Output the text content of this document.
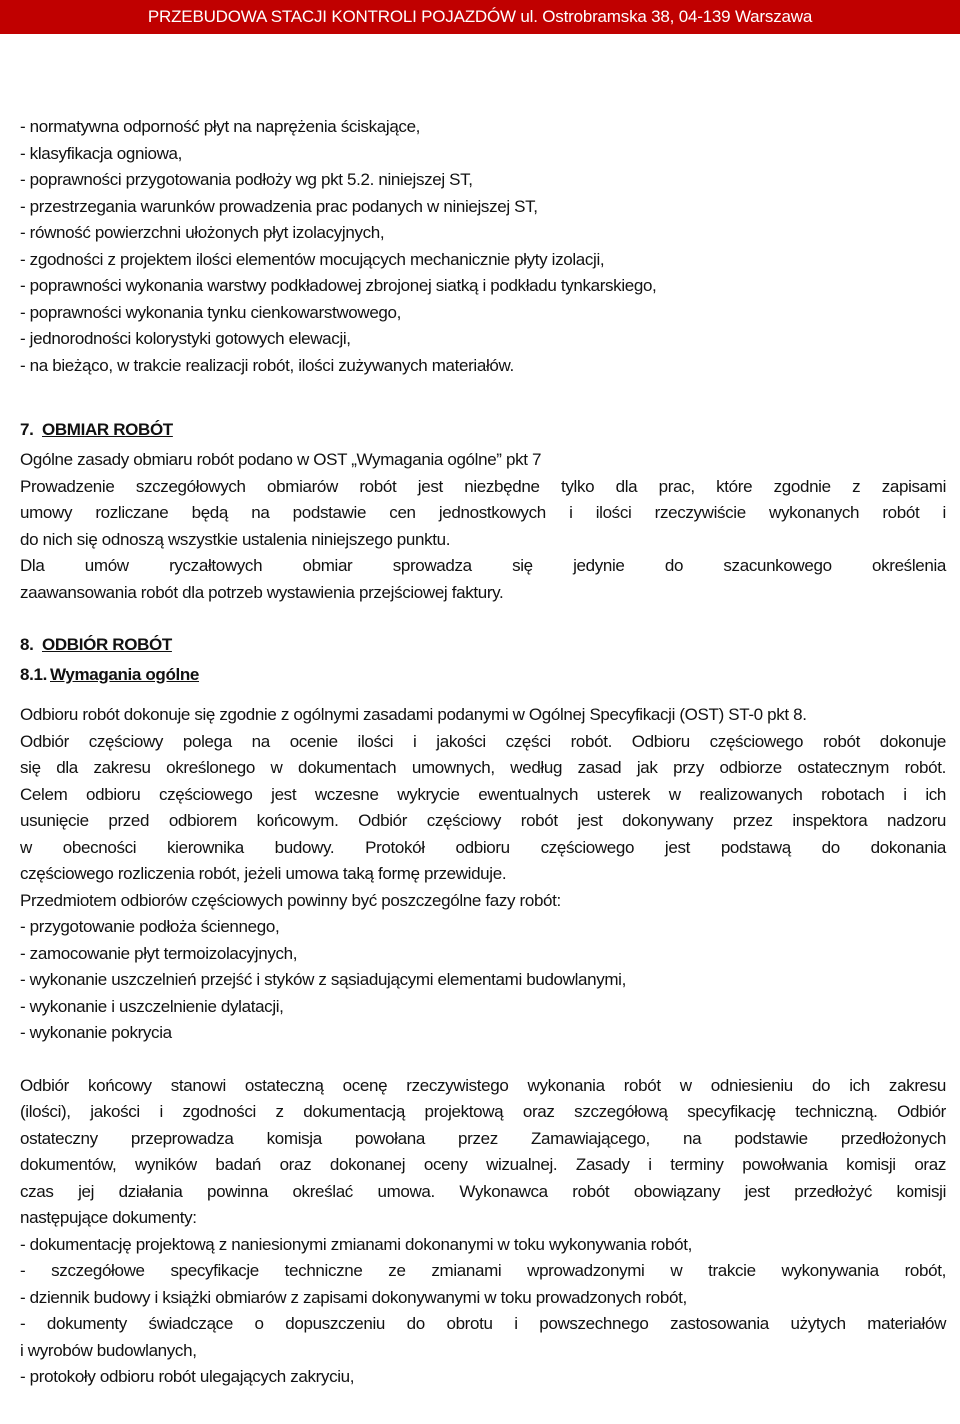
PRZEBUDOWA STACJI KONTROLI POJAZDÓW ul. Ostrobramska 38, 04-139 Warszawa
- normatywna odporność płyt na naprężenia ściskające,
- klasyfikacja ogniowa,
- poprawności przygotowania podłoży wg pkt 5.2. niniejszej ST,
- przestrzegania warunków prowadzenia prac podanych w niniejszej ST,
- równość powierzchni ułożonych płyt izolacyjnych,
- zgodności z projektem ilości elementów mocujących mechanicznie płyty izolacji,
- poprawności wykonania warstwy podkładowej zbrojonej siatką i podkładu tynkarskiego,
- poprawności wykonania tynku cienkowarstwowego,
- jednorodności kolorystyki gotowych elewacji,
- na bieżąco, w trakcie realizacji robót, ilości zużywanych materiałów.
7. OBMIAR ROBÓT
Ogólne zasady obmiaru robót podano w OST „Wymagania ogólne” pkt 7
Prowadzenie szczegółowych obmiarów robót jest niezbędne tylko dla prac, które zgodnie z zapisami
umowy rozliczane będą na podstawie cen jednostkowych i ilości rzeczywiście wykonanych robót i
do nich się odnoszą wszystkie ustalenia niniejszego punktu.
Dla umów ryczałtowych obmiar sprowadza się jedynie do szacunkowego określenia
zaawansowania robót dla potrzeb wystawienia przejściowej faktury.
8. ODBIÓR ROBÓT
8.1. Wymagania ogólne
Odbioru robót dokonuje się zgodnie z ogólnymi zasadami podanymi w Ogólnej Specyfikacji (OST) ST-0 pkt 8.
Odbiór częściowy polega na ocenie ilości i jakości części robót. Odbioru częściowego robót dokonuje
się dla zakresu określonego w dokumentach umownych, według zasad jak przy odbiorze ostatecznym robót.
Celem odbioru częściowego jest wczesne wykrycie ewentualnych usterek w realizowanych robotach i ich
usunięcie przed odbiorem końcowym. Odbiór częściowy robót jest dokonywany przez inspektora nadzoru
w obecności kierownika budowy. Protokół odbioru częściowego jest podstawą do dokonania
częściowego rozliczenia robót, jeżeli umowa taką formę przewiduje.
Przedmiotem odbiorów częściowych powinny być poszczególne fazy robót:
- przygotowanie podłoża ściennego,
- zamocowanie płyt termoizolacyjnych,
- wykonanie uszczelnień przejść i styków z sąsiadującymi elementami budowlanymi,
- wykonanie i uszczelnienie dylatacji,
- wykonanie pokrycia
Odbiór końcowy stanowi ostateczną ocenę rzeczywistego wykonania robót w odniesieniu do ich zakresu
(ilości), jakości i zgodności z dokumentacją projektową oraz szczegółową specyfikację techniczną. Odbiór
ostateczny przeprowadza komisja powołana przez Zamawiającego, na podstawie przedłożonych
dokumentów, wyników badań oraz dokonanej oceny wizualnej. Zasady i terminy powołwania komisji oraz
czas jej działania powinna określać umowa. Wykonawca robót obowiązany jest przedłożyć komisji
następujące dokumenty:
- dokumentację projektową z naniesionymi zmianami dokonanymi w toku wykonywania robót,
- szczegółowe specyfikacje techniczne ze zmianami wprowadzonymi w trakcie wykonywania robót,
- dziennik budowy i książki obmiarów z zapisami dokonywanymi w toku prowadzonych robót,
- dokumenty świadczące o dopuszczeniu do obrotu i powszechnego zastosowania użytych materiałów
i wyrobów budowlanych,
- protokoły odbioru robót ulegających zakryciu,
